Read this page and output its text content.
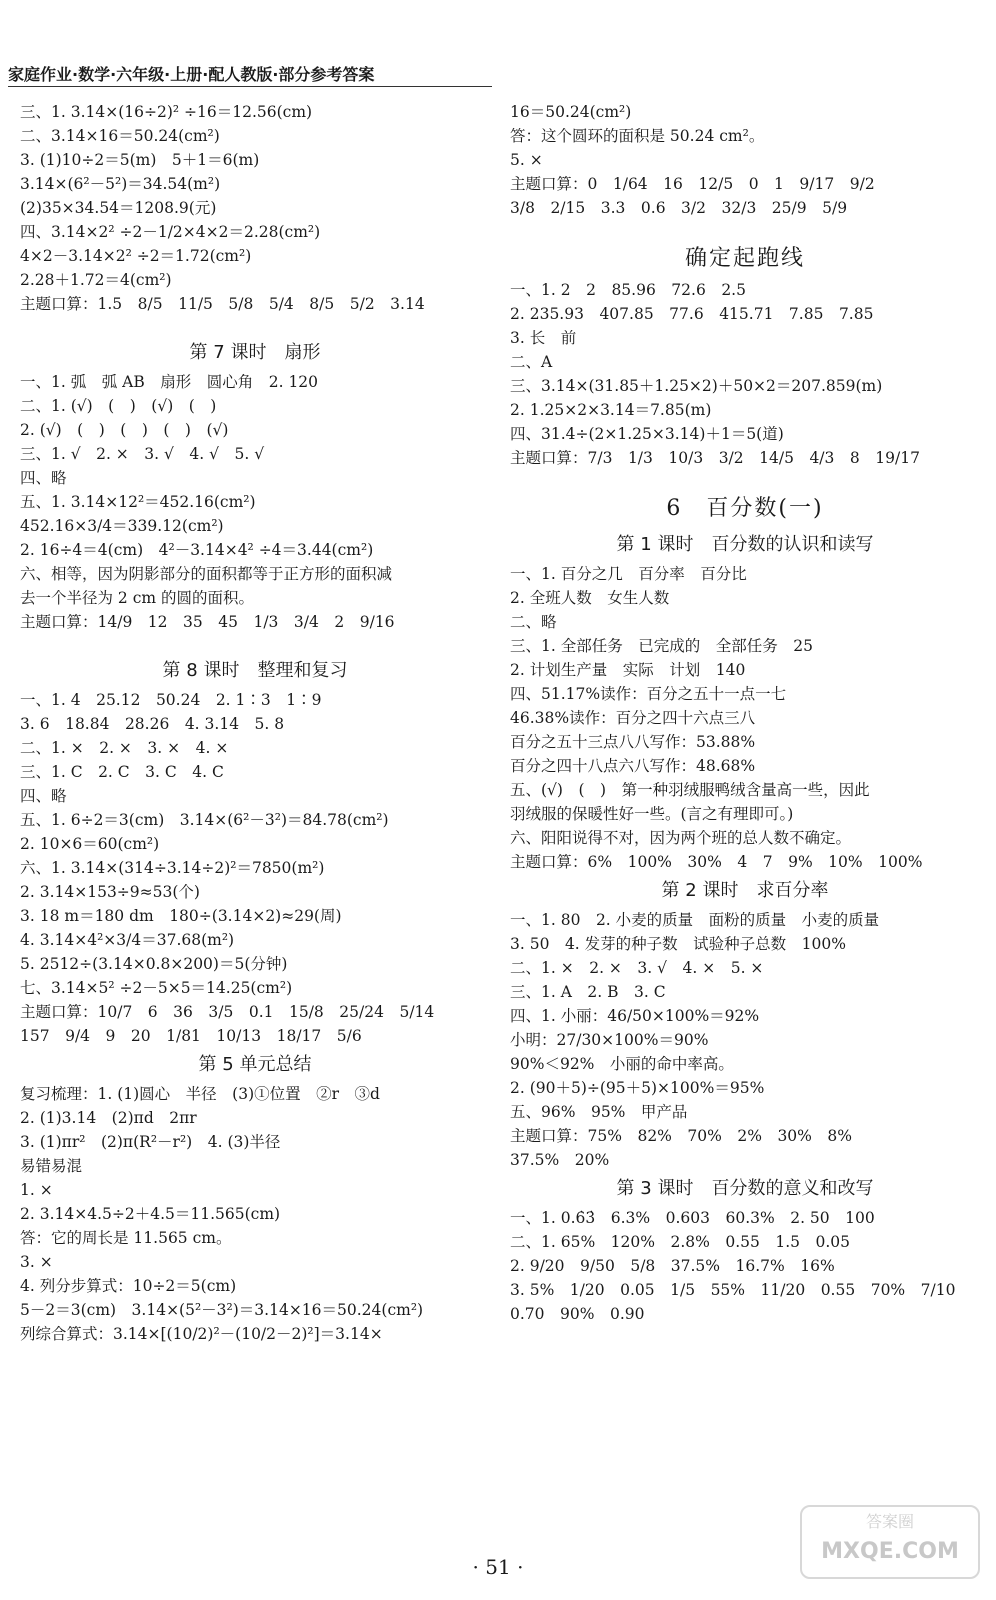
家庭作业·数学·六年级·上册·配人教版·部分参考答案
三、1. 3.14×(16÷2)² ÷16＝12.56(cm)
二、3.14×16＝50.24(cm²)
3. (1)10÷2＝5(m)　5＋1＝6(m)
3.14×(6²－5²)＝34.54(m²)
(2)35×34.54＝1208.9(元)
四、3.14×2² ÷2－1/2×4×2＝2.28(cm²)
4×2－3.14×2² ÷2＝1.72(cm²)
2.28＋1.72＝4(cm²)
主题口算：1.5　8/5　11/5　5/8　5/4　8/5　5/2　3.14
第 7 课时　扇形
一、1. 弧　弧 AB　扇形　圆心角　2. 120
二、1. (√)　(　)　(√)　(　)
2. (√)　(　)　(　)　(　)　(√)
三、1. √　2. ×　3. √　4. √　5. √
四、略
五、1. 3.14×12²＝452.16(cm²)
452.16×3/4＝339.12(cm²)
2. 16÷4＝4(cm)　4²－3.14×4² ÷4＝3.44(cm²)
六、相等，因为阴影部分的面积都等于正方形的面积减
去一个半径为 2 cm 的圆的面积。
主题口算：14/9　12　35　45　1/3　3/4　2　9/16
第 8 课时　整理和复习
一、1. 4　25.12　50.24　2. 1∶3　1∶9
3. 6　18.84　28.26　4. 3.14　5. 8
二、1. ×　2. ×　3. ×　4. ×
三、1. C　2. C　3. C　4. C
四、略
五、1. 6÷2＝3(cm)　3.14×(6²－3²)＝84.78(cm²)
2. 10×6＝60(cm²)
六、1. 3.14×(314÷3.14÷2)²＝7850(m²)
2. 3.14×153÷9≈53(个)
3. 18 m＝180 dm　180÷(3.14×2)≈29(周)
4. 3.14×4²×3/4＝37.68(m²)
5. 2512÷(3.14×0.8×200)＝5(分钟)
七、3.14×5² ÷2－5×5＝14.25(cm²)
主题口算：10/7　6　36　3/5　0.1　15/8　25/24　5/14
157　9/4　9　20　1/81　10/13　18/17　5/6
第 5 单元总结
复习梳理：1. (1)圆心　半径　(3)①位置　②r　③d
2. (1)3.14　(2)πd　2πr
3. (1)πr²　(2)π(R²－r²)　4. (3)半径
易错易混
1. ×
2. 3.14×4.5÷2＋4.5＝11.565(cm)
答：它的周长是 11.565 cm。
3. ×
4. 列分步算式：10÷2＝5(cm)
5－2＝3(cm)　3.14×(5²－3²)＝3.14×16＝50.24(cm²)
列综合算式：3.14×[(10/2)²－(10/2－2)²]＝3.14×
16＝50.24(cm²)
答：这个圆环的面积是 50.24 cm²。
5. ×
主题口算：0　1/64　16　12/5　0　1　9/17　9/2
3/8　2/15　3.3　0.6　3/2　32/3　25/9　5/9
确定起跑线
一、1. 2　2　85.96　72.6　2.5
2. 235.93　407.85　77.6　415.71　7.85　7.85
3. 长　前
二、A
三、3.14×(31.85＋1.25×2)＋50×2＝207.859(m)
2. 1.25×2×3.14＝7.85(m)
四、31.4÷(2×1.25×3.14)＋1＝5(道)
主题口算：7/3　1/3　10/3　3/2　14/5　4/3　8　19/17
6　百分数(一)
第 1 课时　百分数的认识和读写
一、1. 百分之几　百分率　百分比
2. 全班人数　女生人数
二、略
三、1. 全部任务　已完成的　全部任务　25
2. 计划生产量　实际　计划　140
四、51.17%读作：百分之五十一点一七
46.38%读作：百分之四十六点三八
百分之五十三点八八写作：53.88%
百分之四十八点六八写作：48.68%
五、(√)　(　)　第一种羽绒服鸭绒含量高一些，因此
羽绒服的保暖性好一些。(言之有理即可。)
六、阳阳说得不对，因为两个班的总人数不确定。
主题口算：6%　100%　30%　4　7　9%　10%　100%
第 2 课时　求百分率
一、1. 80　2. 小麦的质量　面粉的质量　小麦的质量
3. 50　4. 发芽的种子数　试验种子总数　100%
二、1. ×　2. ×　3. √　4. ×　5. ×
三、1. A　2. B　3. C
四、1. 小丽：46/50×100%＝92%
小明：27/30×100%＝90%
90%＜92%　小丽的命中率高。
2. (90＋5)÷(95＋5)×100%＝95%
五、96%　95%　甲产品
主题口算：75%　82%　70%　2%　30%　8%
37.5%　20%
第 3 课时　百分数的意义和改写
一、1. 0.6̇3̇　6.3%　0.603　60.3%　2. 50　100
二、1. 65%　120%　2.8%　0.55　1.5　0.05
2. 9/20　9/50　5/8　37.5%　16.7%　16%
3. 5%　1/20　0.05　1/5　55%　11/20　0.55　70%　7/10
0.70　90%　0.90
· 51 ·
答案圈
MXQE.COM
